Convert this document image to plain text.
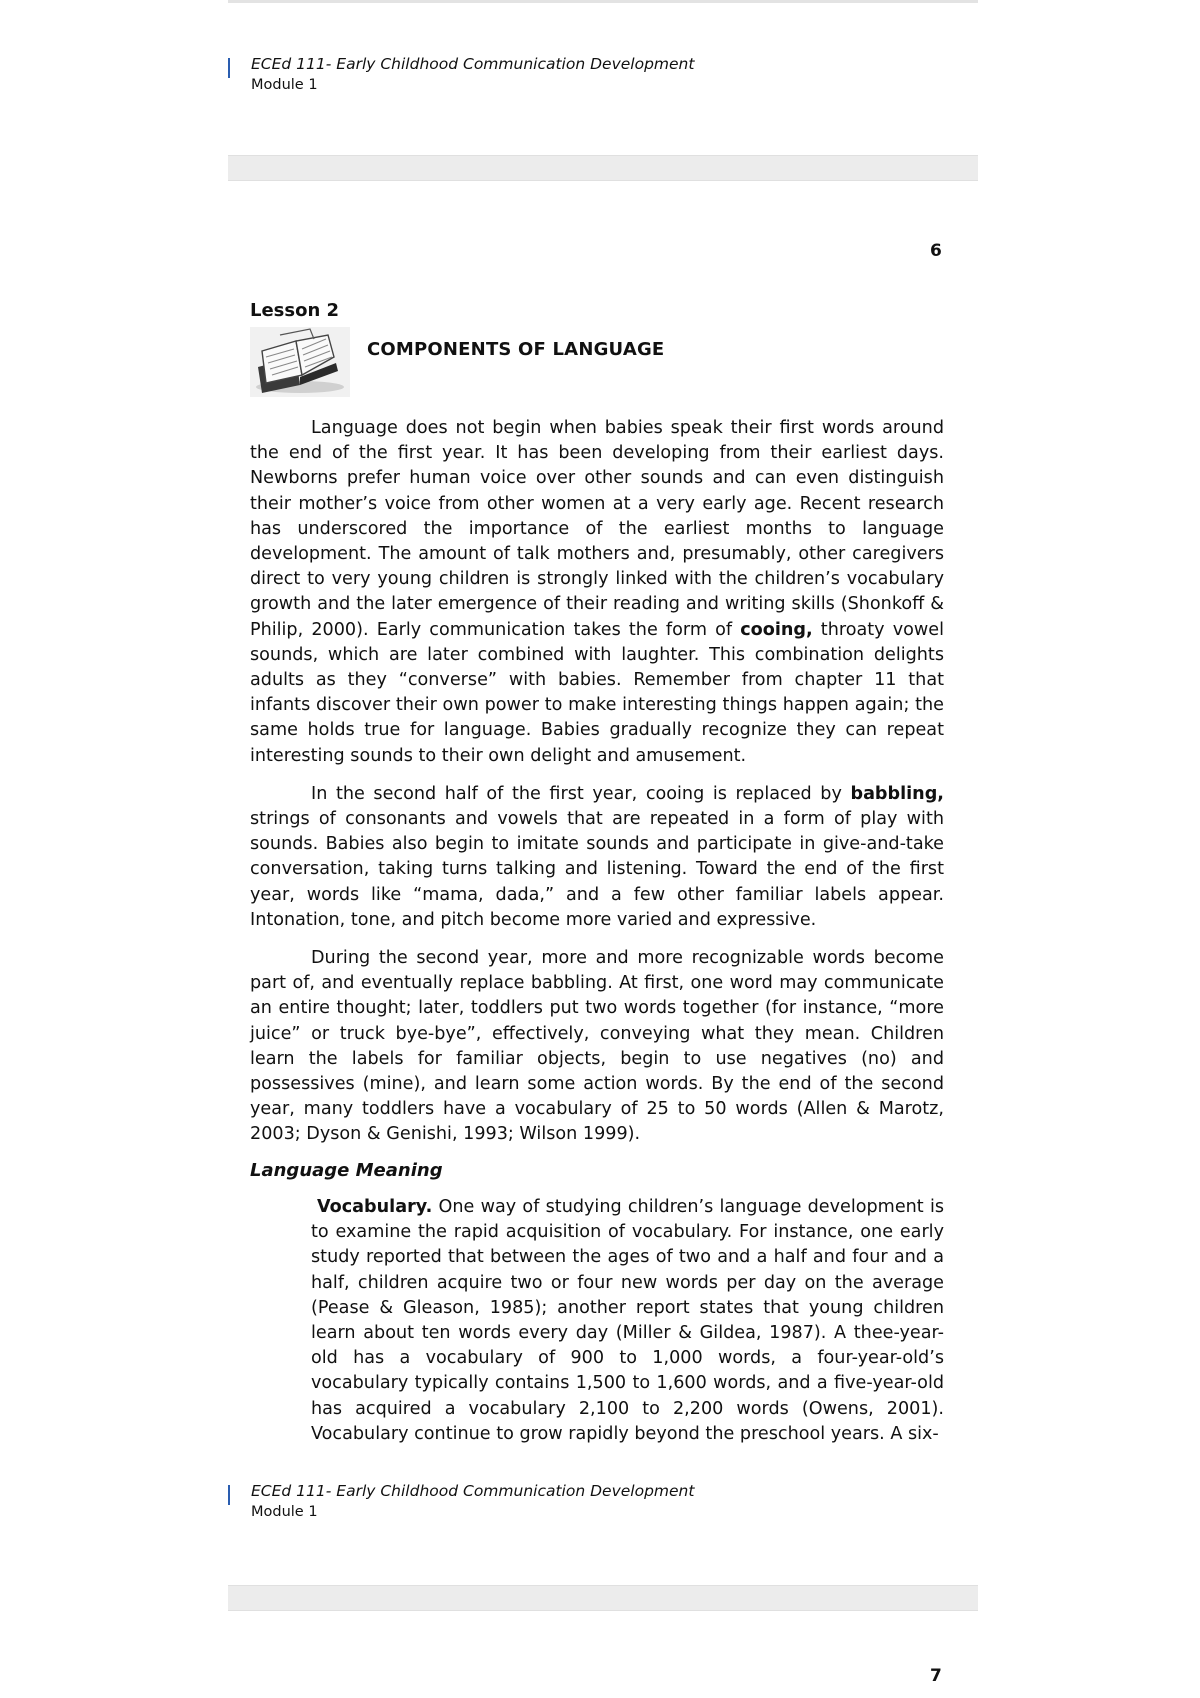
ECEd 111- Early Childhood Communication Development
Module 1
6
Lesson 2
COMPONENTS OF LANGUAGE

Language does not begin when babies speak their first words around the end of the first year. It has been developing from their earliest days. Newborns prefer human voice over other sounds and can even distinguish their mother’s voice from other women at a very early age. Recent research has underscored the importance of the earliest months to language development. The amount of talk mothers and, presumably, other caregivers direct to very young children is strongly linked with the children’s vocabulary growth and the later emergence of their reading and writing skills (Shonkoff & Philip, 2000). Early communication takes the form of cooing, throaty vowel sounds, which are later combined with laughter. This combination delights adults as they “converse” with babies. Remember from chapter 11 that infants discover their own power to make interesting things happen again; the same holds true for language. Babies gradually recognize they can repeat interesting sounds to their own delight and amusement.

In the second half of the first year, cooing is replaced by babbling, strings of consonants and vowels that are repeated in a form of play with sounds. Babies also begin to imitate sounds and participate in give-and-take conversation, taking turns talking and listening. Toward the end of the first year, words like “mama, dada,” and a few other familiar labels appear. Intonation, tone, and pitch become more varied and expressive.

During the second year, more and more recognizable words become part of, and eventually replace babbling. At first, one word may communicate an entire thought; later, toddlers put two words together (for instance, “more juice” or truck bye-bye”, effectively, conveying what they mean. Children learn the labels for familiar objects, begin to use negatives (no) and possessives (mine), and learn some action words. By the end of the second year, many toddlers have a vocabulary of 25 to 50 words (Allen & Marotz, 2003; Dyson & Genishi, 1993; Wilson 1999).

Language Meaning

Vocabulary. One way of studying children’s language development is to examine the rapid acquisition of vocabulary. For instance, one early study reported that between the ages of two and a half and four and a half, children acquire two or four new words per day on the average (Pease & Gleason, 1985); another report states that young children learn about ten words every day (Miller & Gildea, 1987). A thee-year-old has a vocabulary of 900 to 1,000 words, a four-year-old’s vocabulary typically contains 1,500 to 1,600 words, and a five-year-old has acquired a vocabulary 2,100 to 2,200 words (Owens, 2001). Vocabulary continue to grow rapidly beyond the preschool years. A six-

ECEd 111- Early Childhood Communication Development
Module 1
7
